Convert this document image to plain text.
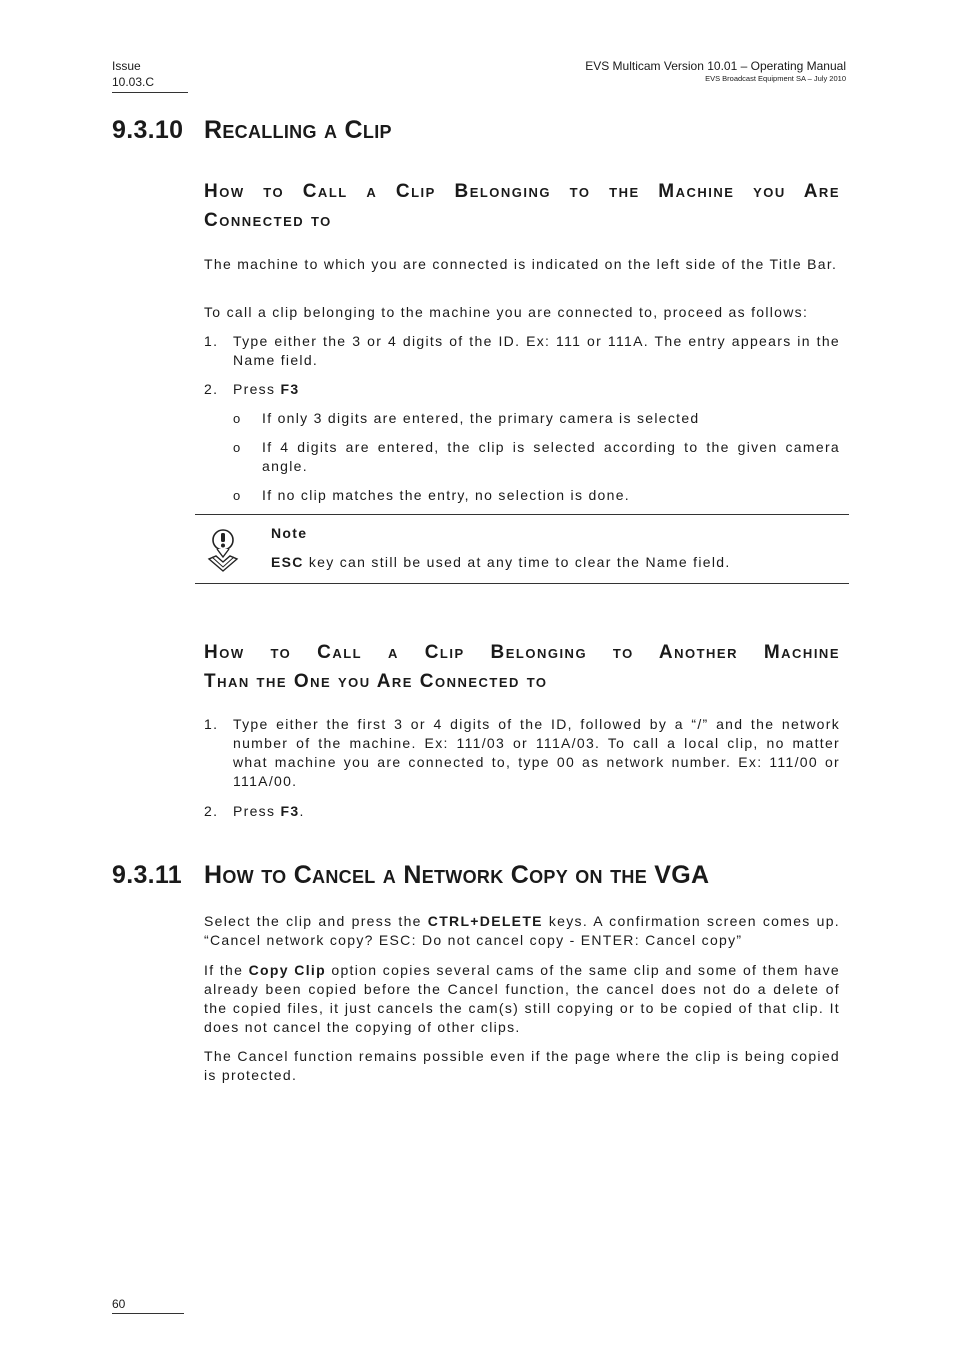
Issue
10.03.C
EVS Multicam Version 10.01 – Operating Manual
EVS Broadcast Equipment SA – July 2010
9.3.10 Recalling a Clip
How to Call a Clip Belonging to the Machine you Are
Connected to

The machine to which you are connected is indicated on the left side of the Title Bar.

To call a clip belonging to the machine you are connected to, proceed as follows:

1. Type either the 3 or 4 digits of the ID. Ex: 111 or 111A. The entry appears in the Name field.
2. Press F3
o If only 3 digits are entered, the primary camera is selected
o If 4 digits are entered, the clip is selected according to the given camera angle.
o If no clip matches the entry, no selection is done.
Note
ESC key can still be used at any time to clear the Name field.
How to Call a Clip Belonging to Another Machine
Than the One you Are Connected to
1. Type either the first 3 or 4 digits of the ID, followed by a “/” and the network number of the machine. Ex: 111/03 or 111A/03. To call a local clip, no matter what machine you are connected to, type 00 as network number. Ex: 111/00 or 111A/00.
2. Press F3.
9.3.11 How to Cancel a Network Copy on the VGA

Select the clip and press the CTRL+DELETE keys. A confirmation screen comes up. “Cancel network copy? ESC: Do not cancel copy - ENTER: Cancel copy”

If the Copy Clip option copies several cams of the same clip and some of them have already been copied before the Cancel function, the cancel does not do a delete of the copied files, it just cancels the cam(s) still copying or to be copied of that clip. It does not cancel the copying of other clips.

The Cancel function remains possible even if the page where the clip is being copied is protected.

60
